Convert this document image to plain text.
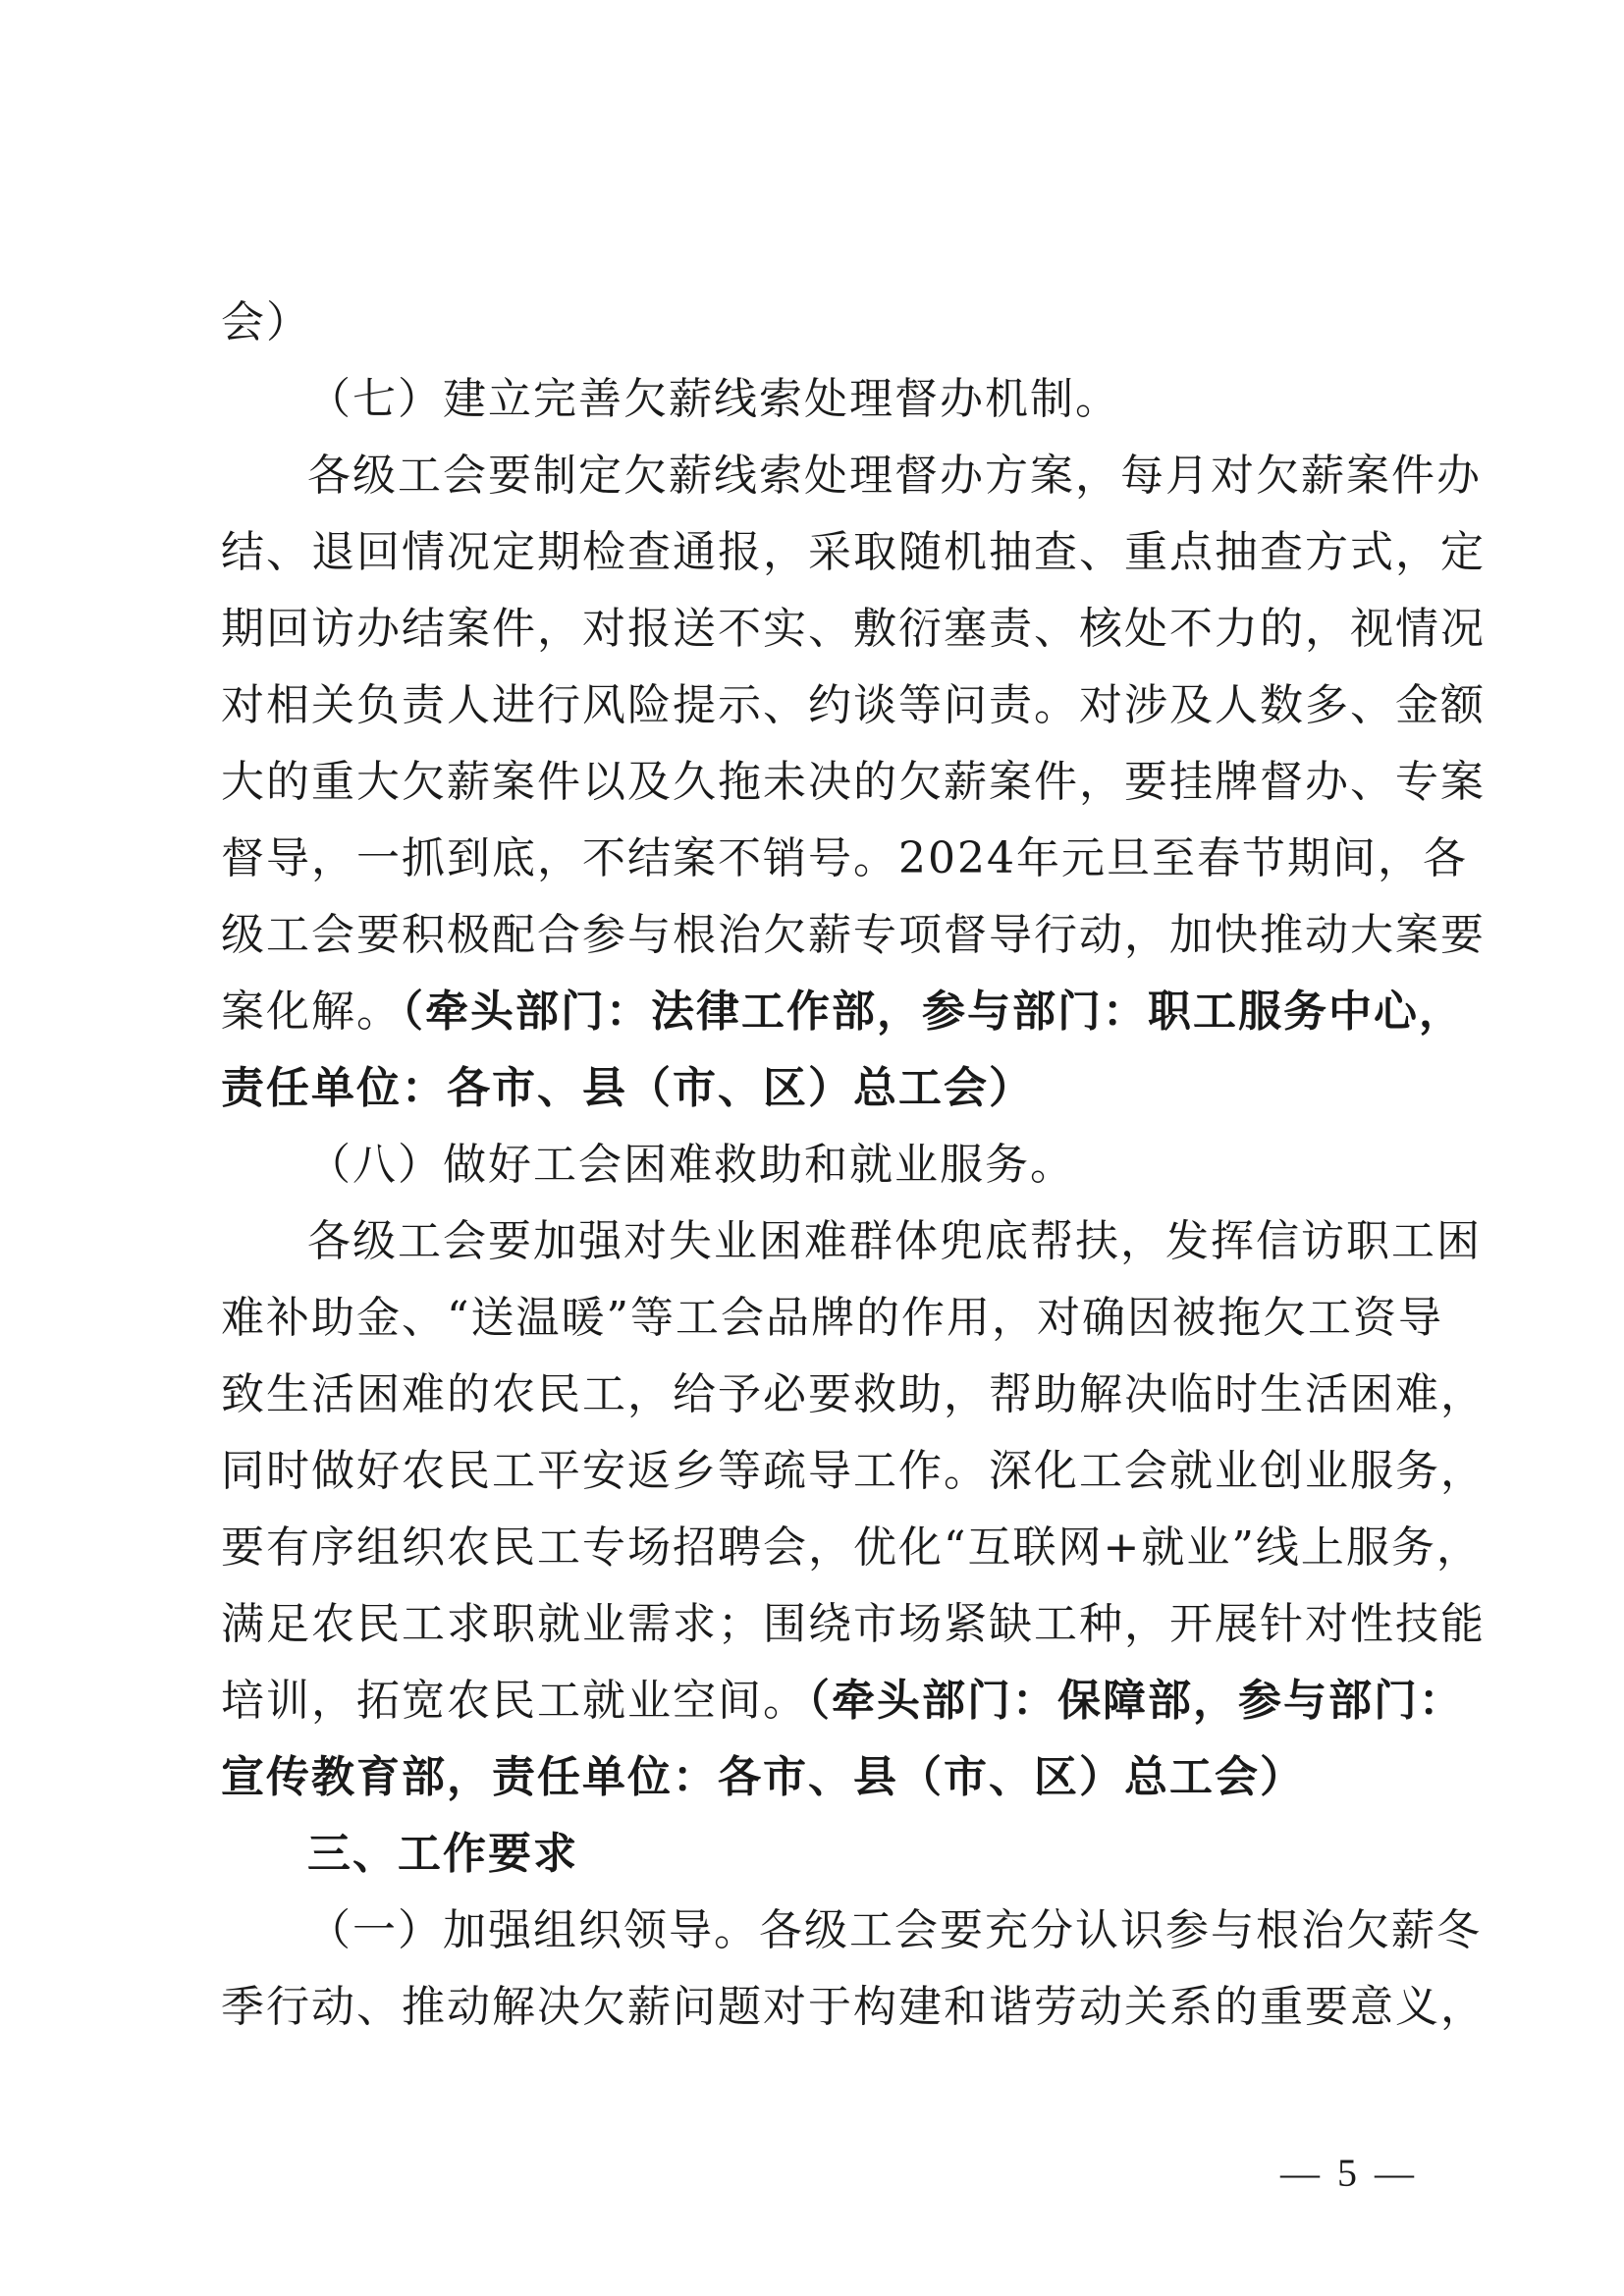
会）
（七）建立完善欠薪线索处理督办机制。
各级工会要制定欠薪线索处理督办方案，每月对欠薪案件办
结、退回情况定期检查通报，采取随机抽查、重点抽查方式，定
期回访办结案件，对报送不实、敷衍塞责、核处不力的，视情况
对相关负责人进行风险提示、约谈等问责。对涉及人数多、金额
大的重大欠薪案件以及久拖未决的欠薪案件，要挂牌督办、专案
督导，一抓到底，不结案不销号。2024年元旦至春节期间，各
级工会要积极配合参与根治欠薪专项督导行动，加快推动大案要
案化解。（牵头部门：法律工作部，参与部门：职工服务中心，
责任单位：各市、县（市、区）总工会）
（八）做好工会困难救助和就业服务。
各级工会要加强对失业困难群体兜底帮扶，发挥信访职工困
难补助金、“送温暖”等工会品牌的作用，对确因被拖欠工资导
致生活困难的农民工，给予必要救助，帮助解决临时生活困难，
同时做好农民工平安返乡等疏导工作。深化工会就业创业服务，
要有序组织农民工专场招聘会，优化“互联网+就业”线上服务，
满足农民工求职就业需求；围绕市场紧缺工种，开展针对性技能
培训，拓宽农民工就业空间。（牵头部门：保障部，参与部门：
宣传教育部，责任单位：各市、县（市、区）总工会）
三、工作要求
（一）加强组织领导。各级工会要充分认识参与根治欠薪冬
季行动、推动解决欠薪问题对于构建和谐劳动关系的重要意义，
— 5 —
